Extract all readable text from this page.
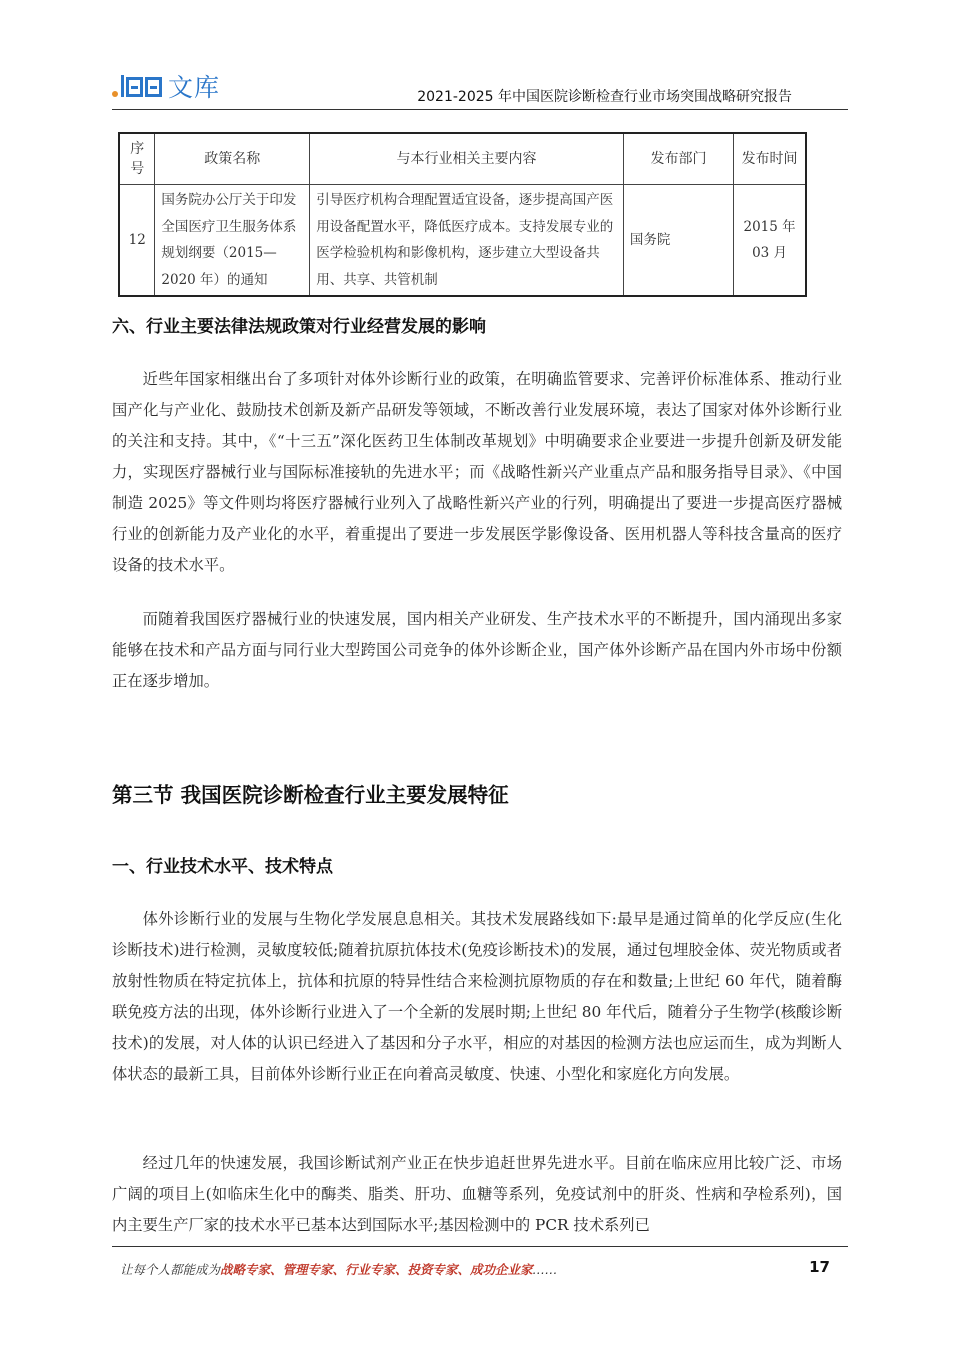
文库	2021-2025 年中国医院诊断检查行业市场突围战略研究报告
序号	政策名称	与本行业相关主要内容	发布部门	发布时间
12	国务院办公厅关于印发全国医疗卫生服务体系规划纲要（2015—2020 年）的通知	引导医疗机构合理配置适宜设备，逐步提高国产医用设备配置水平，降低医疗成本。支持发展专业的医学检验机构和影像机构，逐步建立大型设备共用、共享、共管机制	国务院	2015 年 03 月
六、行业主要法律法规政策对行业经营发展的影响

近些年国家相继出台了多项针对体外诊断行业的政策，在明确监管要求、完善评价标准体系、推动行业国产化与产业化、鼓励技术创新及新产品研发等领域，不断改善行业发展环境，表达了国家对体外诊断行业的关注和支持。其中，《“十三五”深化医药卫生体制改革规划》中明确要求企业要进一步提升创新及研发能力，实现医疗器械行业与国际标准接轨的先进水平；而《战略性新兴产业重点产品和服务指导目录》、《中国制造 2025》等文件则均将医疗器械行业列入了战略性新兴产业的行列，明确提出了要进一步提高医疗器械行业的创新能力及产业化的水平，着重提出了要进一步发展医学影像设备、医用机器人等科技含量高的医疗设备的技术水平。

而随着我国医疗器械行业的快速发展，国内相关产业研发、生产技术水平的不断提升，国内涌现出多家能够在技术和产品方面与同行业大型跨国公司竞争的体外诊断企业，国产体外诊断产品在国内外市场中份额正在逐步增加。

第三节 我国医院诊断检查行业主要发展特征
一、行业技术水平、技术特点

体外诊断行业的发展与生物化学发展息息相关。其技术发展路线如下:最早是通过简单的化学反应(生化诊断技术)进行检测，灵敏度较低;随着抗原抗体技术(免疫诊断技术)的发展，通过包埋胶金体、荧光物质或者放射性物质在特定抗体上，抗体和抗原的特异性结合来检测抗原物质的存在和数量;上世纪 60 年代，随着酶联免疫方法的出现，体外诊断行业进入了一个全新的发展时期;上世纪 80 年代后，随着分子生物学(核酸诊断技术)的发展，对人体的认识已经进入了基因和分子水平，相应的对基因的检测方法也应运而生，成为判断人体状态的最新工具，目前体外诊断行业正在向着高灵敏度、快速、小型化和家庭化方向发展。

经过几年的快速发展，我国诊断试剂产业正在快步追赶世界先进水平。目前在临床应用比较广泛、市场广阔的项目上(如临床生化中的酶类、脂类、肝功、血糖等系列，免疫试剂中的肝炎、性病和孕检系列)，国内主要生产厂家的技术水平已基本达到国际水平;基因检测中的 PCR 技术系列已

让每个人都能成为战略专家、管理专家、行业专家、投资专家、成功企业家……	17
